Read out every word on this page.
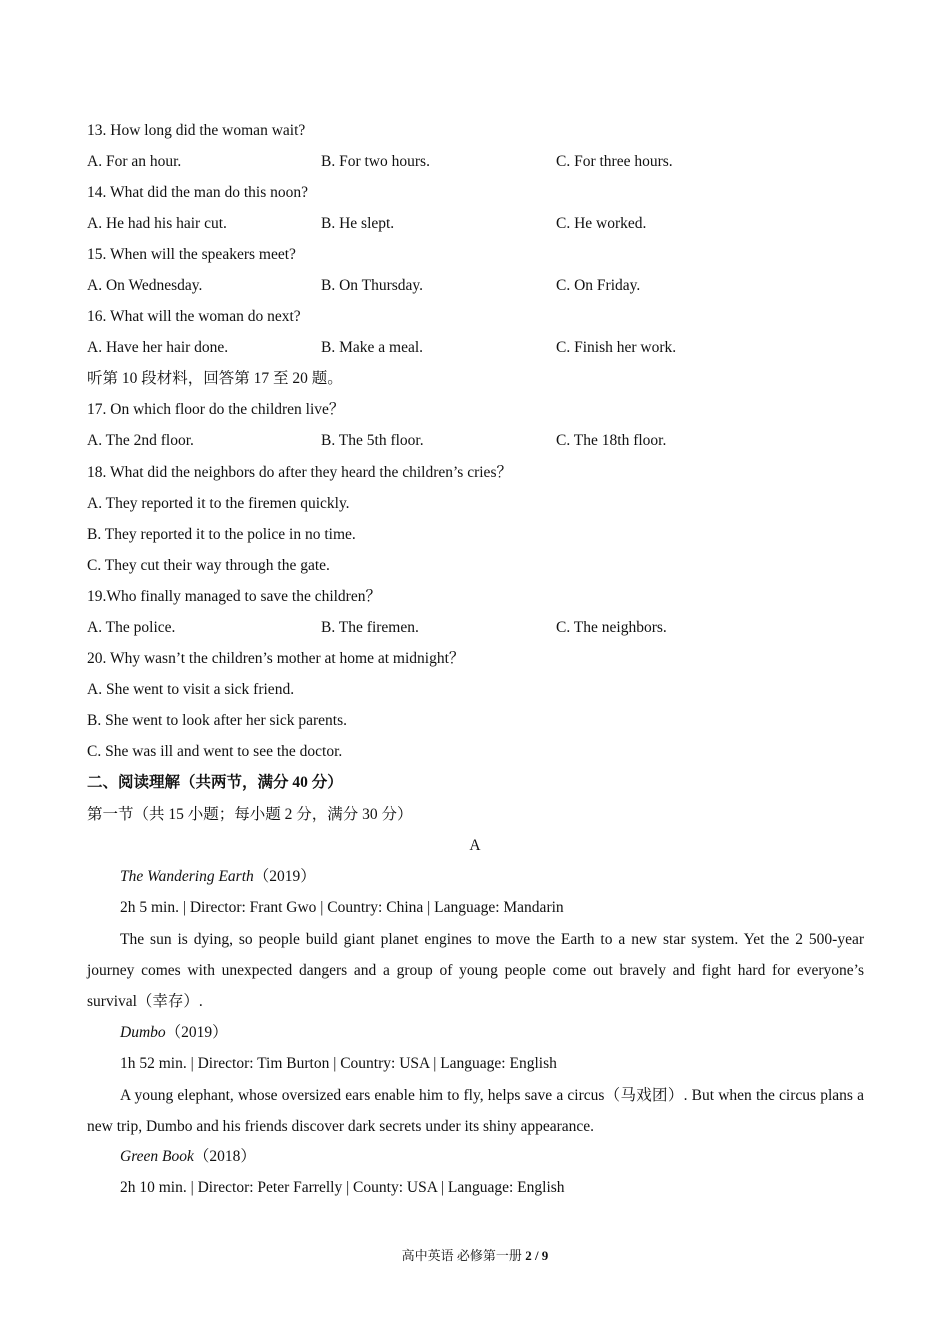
13. How long did the woman wait?
A. For an hour.	B. For two hours.	C. For three hours.
14. What did the man do this noon?
A. He had his hair cut.	B. He slept.	C. He worked.
15. When will the speakers meet?
A. On Wednesday.	B. On Thursday.	C. On Friday.
16. What will the woman do next?
A. Have her hair done.	B. Make a meal.	C. Finish her work.
听第 10 段材料，回答第 17 至 20 题。
17. On which floor do the children live？
A. The 2nd floor.	B. The 5th floor.	C. The 18th floor.
18. What did the neighbors do after they heard the children’s cries？
A. They reported it to the firemen quickly.
B. They reported it to the police in no time.
C. They cut their way through the gate.
19.Who finally managed to save the children？
A. The police.	B. The firemen.	C. The neighbors.
20. Why wasn’t the children’s mother at home at midnight？
A. She went to visit a sick friend.
B. She went to look after her sick parents.
C. She was ill and went to see the doctor.
二、阅读理解（共两节，满分 40 分）
第一节（共 15 小题；每小题 2 分，满分 30 分）
A
The Wandering Earth（2019）
2h 5 min. | Director: Frant Gwo | Country: China | Language: Mandarin
The sun is dying, so people build giant planet engines to move the Earth to a new star system. Yet the 2 500-year journey comes with unexpected dangers and a group of young people come out bravely and fight hard for everyone’s survival（幸存）.
Dumbo（2019）
1h 52 min. | Director: Tim Burton | Country: USA | Language: English
A young elephant, whose oversized ears enable him to fly, helps save a circus（马戏团）. But when the circus plans a new trip, Dumbo and his friends discover dark secrets under its shiny appearance.
Green Book（2018）
2h 10 min. | Director: Peter Farrelly | County: USA | Language: English
高中英语 必修第一册 2 / 9
